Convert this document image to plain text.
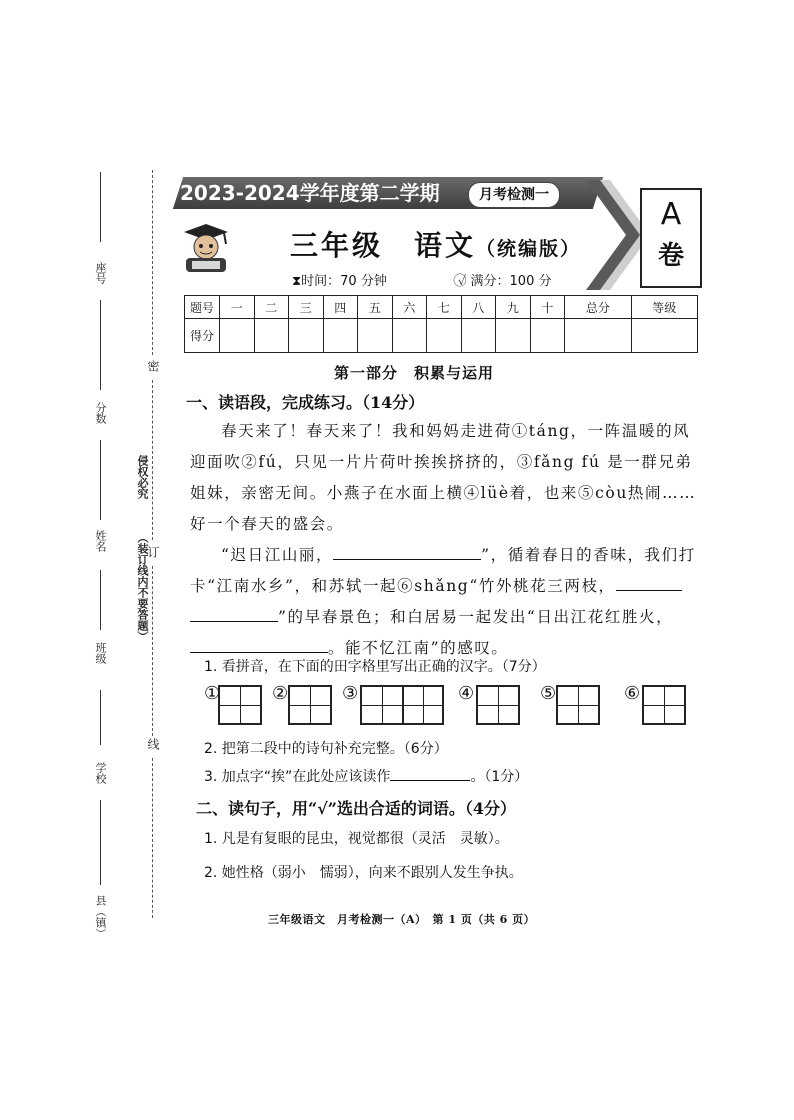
座号
分数
姓名
班级
学校
县（镇）
侵权必究
（装订线内不要答题）
密
订
线
2023-2024学年度第二学期	月考检测一
A
卷
三年级　语文（统编版）
⧗时间：70 分钟	✓⃝ 满分：100 分
题号	一	二	三	四	五	六	七	八	九	十	总分	等级
得分												
第一部分　积累与运用
一、读语段，完成练习。（14分）
春天来了！春天来了！我和妈妈走进荷①táng，一阵温暖的风迎面吹②fú，只见一片片荷叶挨挨挤挤的，③fǎng fú 是一群兄弟姐妹，亲密无间。小燕子在水面上横④lüè着，也来⑤còu热闹……好一个春天的盛会。

“迟日江山丽，	”，循着春日的香味，我们打卡“江南水乡”，和苏轼一起⑥shǎng“竹外桃花三两枝，

”的早春景色；和白居易一起发出“日出江花红胜火，。能不忆江南”的感叹。

1. 看拼音，在下面的田字格里写出正确的汉字。（7分）
①	②	③	④	⑤	⑥
2. 把第二段中的诗句补充完整。（6分）
3. 加点字“挨”在此处应该读作	。（1分）
二、读句子，用“√”选出合适的词语。（4分）
1. 凡是有复眼的昆虫，视觉都很（灵活　灵敏）。
2. 她性格（弱小　懦弱），向来不跟别人发生争执。
三年级语文　月考检测一（A）　第 1 页（共 6 页）
